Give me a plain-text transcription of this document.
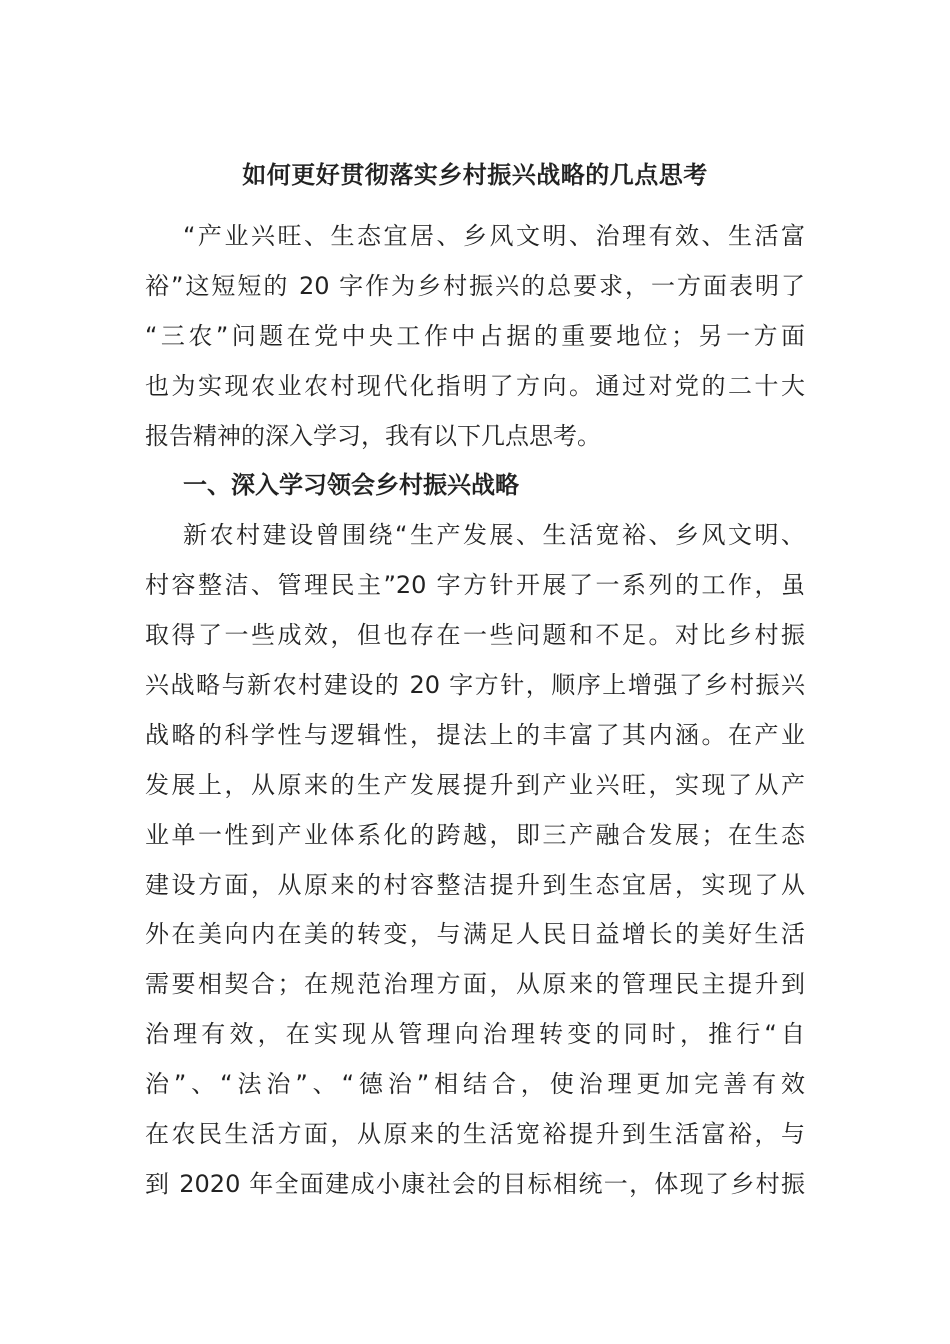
如何更好贯彻落实乡村振兴战略的几点思考
“产业兴旺、生态宜居、乡风文明、治理有效、生活富
裕”这短短的 20 字作为乡村振兴的总要求，一方面表明了
“三农”问题在党中央工作中占据的重要地位；另一方面
也为实现农业农村现代化指明了方向。通过对党的二十大
报告精神的深入学习，我有以下几点思考。
一、深入学习领会乡村振兴战略
新农村建设曾围绕“生产发展、生活宽裕、乡风文明、
村容整洁、管理民主”20 字方针开展了一系列的工作，虽
取得了一些成效，但也存在一些问题和不足。对比乡村振
兴战略与新农村建设的 20 字方针，顺序上增强了乡村振兴
战略的科学性与逻辑性，提法上的丰富了其内涵。在产业
发展上，从原来的生产发展提升到产业兴旺，实现了从产
业单一性到产业体系化的跨越，即三产融合发展；在生态
建设方面，从原来的村容整洁提升到生态宜居，实现了从
外在美向内在美的转变，与满足人民日益增长的美好生活
需要相契合；在规范治理方面，从原来的管理民主提升到
治理有效，在实现从管理向治理转变的同时，推行“自
治”、“法治”、“德治”相结合，使治理更加完善有效
在农民生活方面，从原来的生活宽裕提升到生活富裕，与
到 2020 年全面建成小康社会的目标相统一，体现了乡村振
